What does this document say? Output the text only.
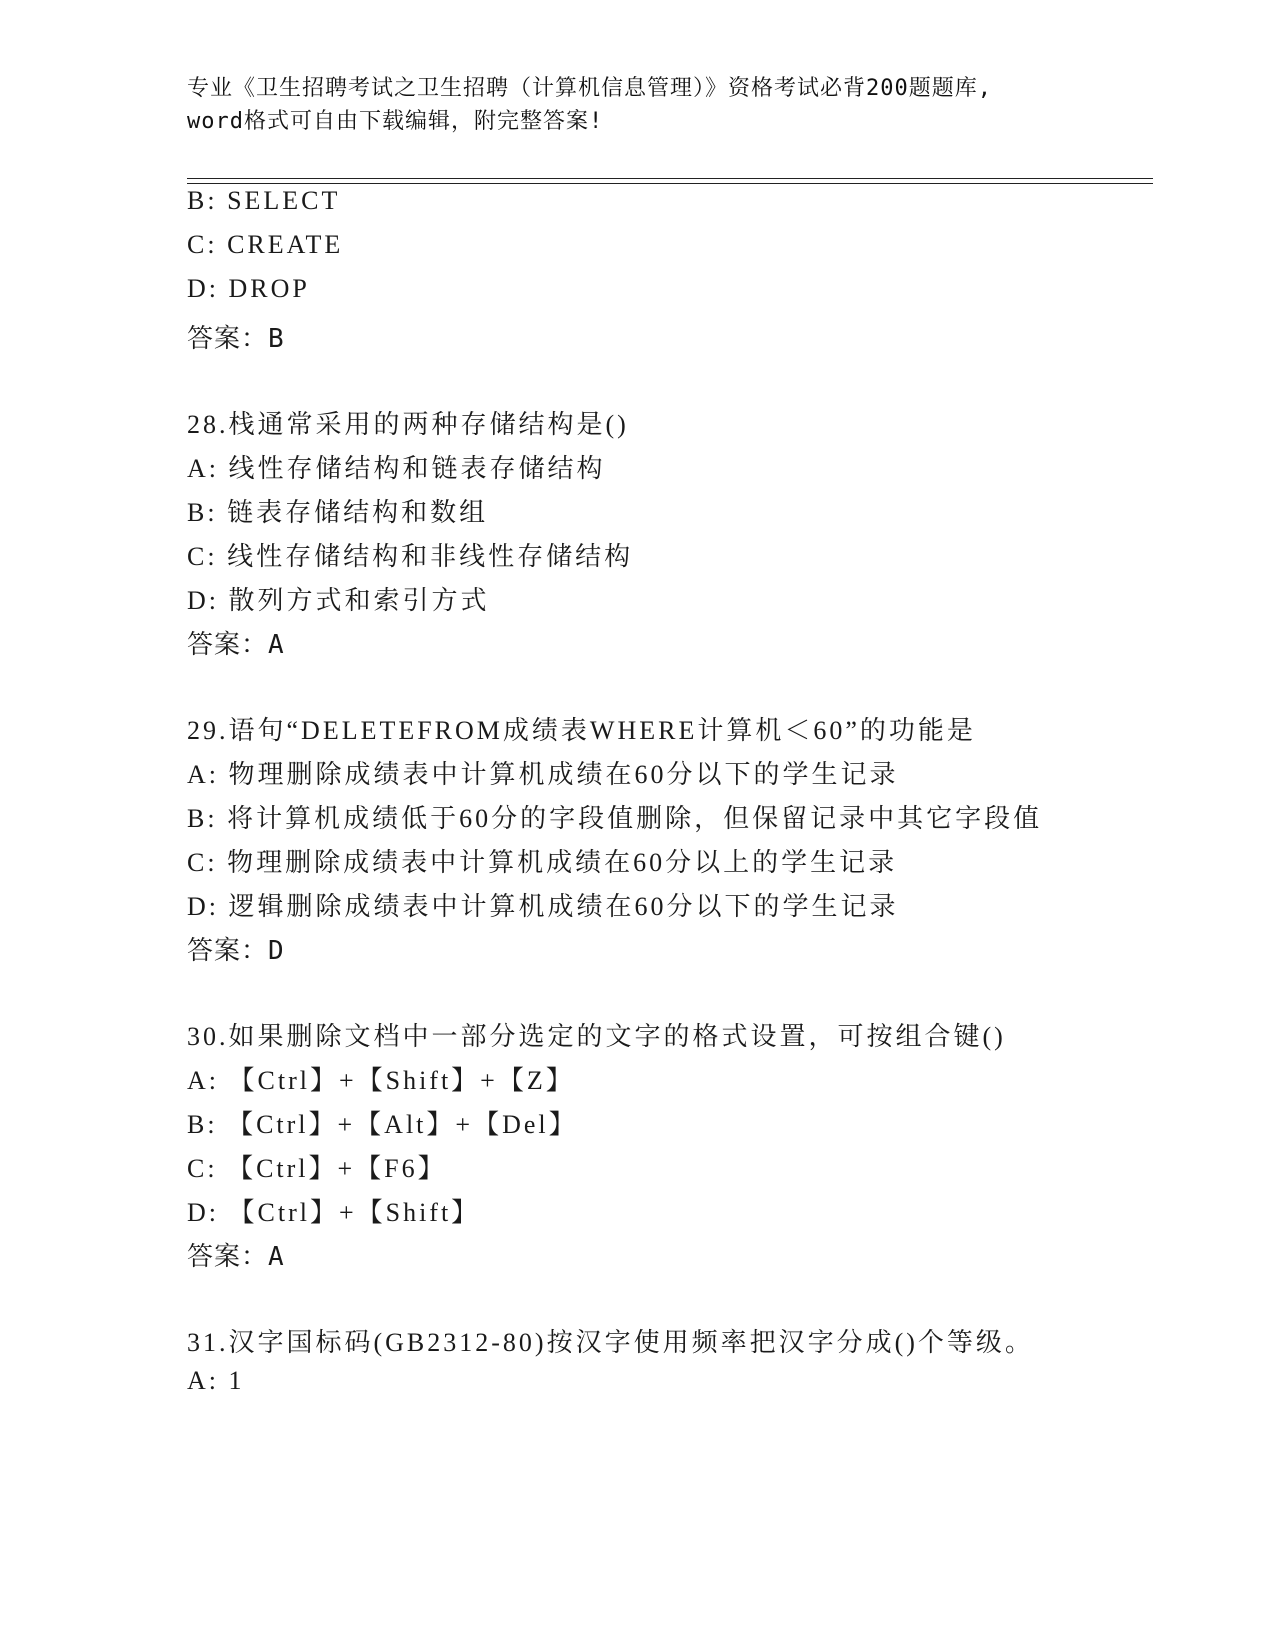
专业《卫生招聘考试之卫生招聘（计算机信息管理）》资格考试必背200题题库,
word格式可自由下载编辑，附完整答案!
B: SELECT
C: CREATE
D: DROP
答案：B
28.栈通常采用的两种存储结构是()
A: 线性存储结构和链表存储结构
B: 链表存储结构和数组
C: 线性存储结构和非线性存储结构
D: 散列方式和索引方式
答案：A
29.语句“DELETEFROM成绩表WHERE计算机＜60”的功能是
A: 物理删除成绩表中计算机成绩在60分以下的学生记录
B: 将计算机成绩低于60分的字段值删除，但保留记录中其它字段值
C: 物理删除成绩表中计算机成绩在60分以上的学生记录
D: 逻辑删除成绩表中计算机成绩在60分以下的学生记录
答案：D
30.如果删除文档中一部分选定的文字的格式设置，可按组合键()
A: 【Ctrl】+【Shift】+【Z】
B: 【Ctrl】+【Alt】+【Del】
C: 【Ctrl】+【F6】
D: 【Ctrl】+【Shift】
答案：A
31.汉字国标码(GB2312-80)按汉字使用频率把汉字分成()个等级。
A: 1
